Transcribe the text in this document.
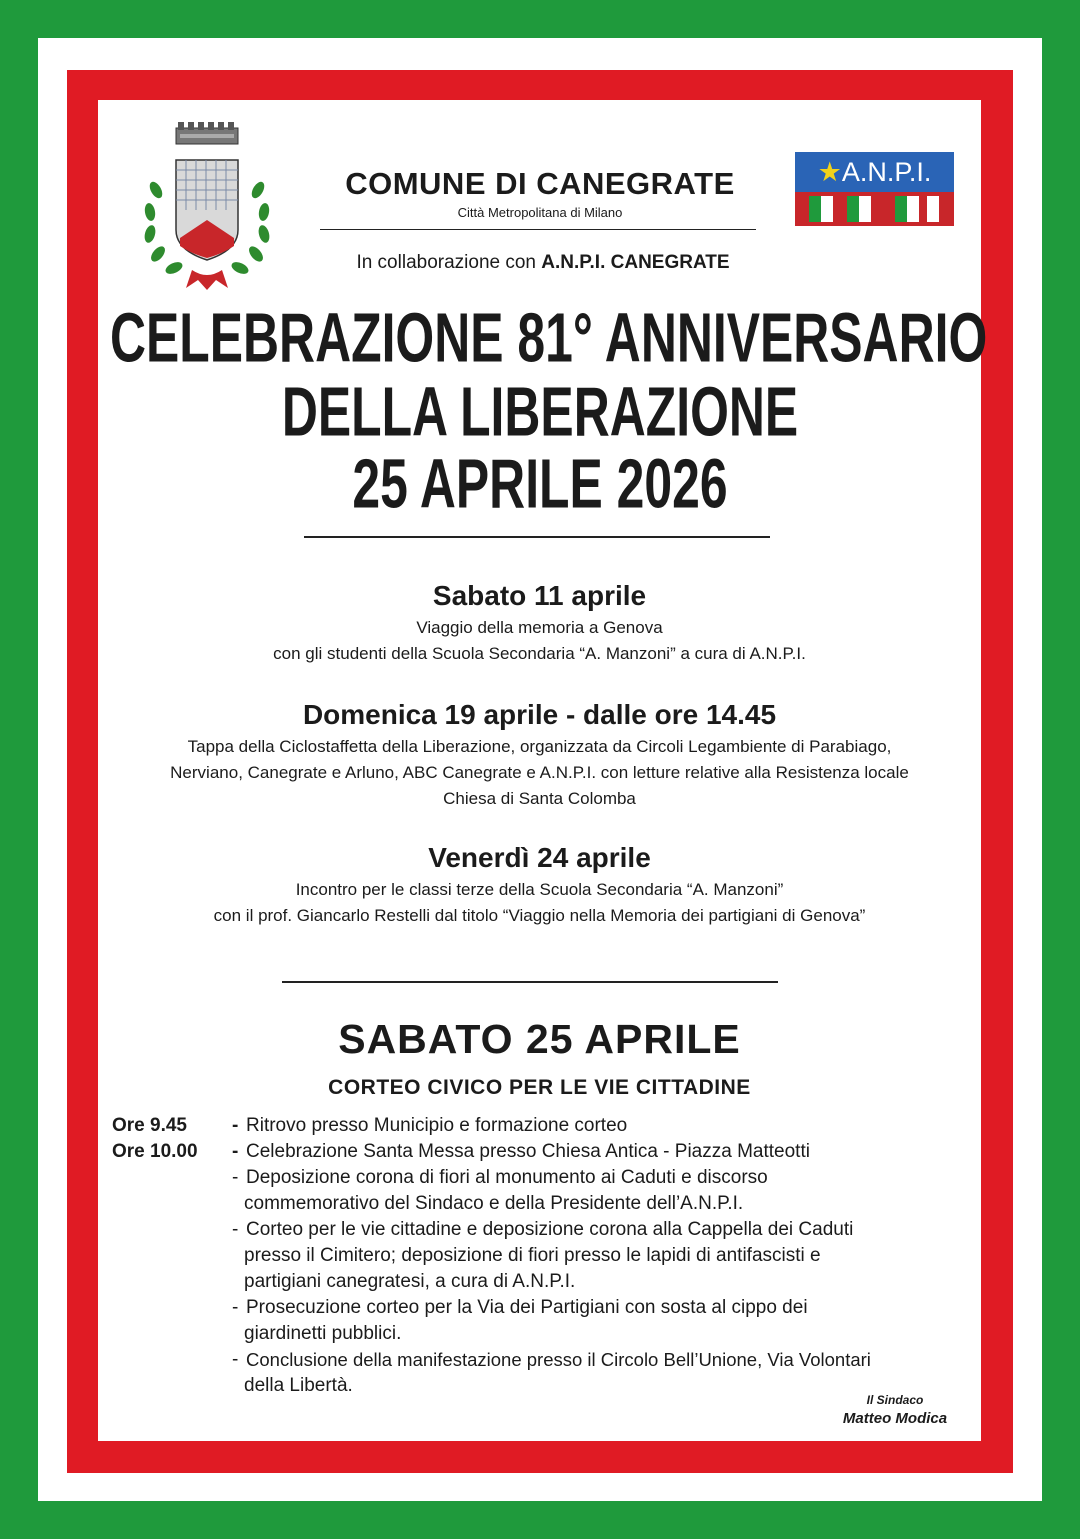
COMUNE DI CANEGRATE
Città Metropolitana di Milano
In collaborazione con A.N.P.I. CANEGRATE
★A.N.P.I.
CELEBRAZIONE 81° ANNIVERSARIO
DELLA LIBERAZIONE
25 APRILE 2026
Sabato 11 aprile
Viaggio della memoria a Genova
con gli studenti della Scuola Secondaria “A. Manzoni” a cura di A.N.P.I.
Domenica 19 aprile - dalle ore 14.45
Tappa della Ciclostaffetta della Liberazione, organizzata da Circoli Legambiente di Parabiago,
Nerviano, Canegrate e Arluno, ABC Canegrate e A.N.P.I. con letture relative alla Resistenza locale
Chiesa di Santa Colomba
Venerdì 24 aprile
Incontro per le classi terze della Scuola Secondaria “A. Manzoni”
con il prof. Giancarlo Restelli dal titolo “Viaggio nella Memoria dei partigiani di Genova”
SABATO 25 APRILE
CORTEO CIVICO PER LE VIE CITTADINE
Ore 9.45 - Ritrovo presso Municipio e formazione corteo
Ore 10.00 - Celebrazione Santa Messa presso Chiesa Antica - Piazza Matteotti
- Deposizione corona di fiori al monumento ai Caduti e discorso
commemorativo del Sindaco e della Presidente dell’A.N.P.I.
- Corteo per le vie cittadine e deposizione corona alla Cappella dei Caduti
presso il Cimitero; deposizione di fiori presso le lapidi di antifascisti e
partigiani canegratesi, a cura di A.N.P.I.
- Prosecuzione corteo per la Via dei Partigiani con sosta al cippo dei
giardinetti pubblici.
- Conclusione della manifestazione presso il Circolo Bell’Unione, Via Volontari
della Libertà.
Il Sindaco
Matteo Modica
